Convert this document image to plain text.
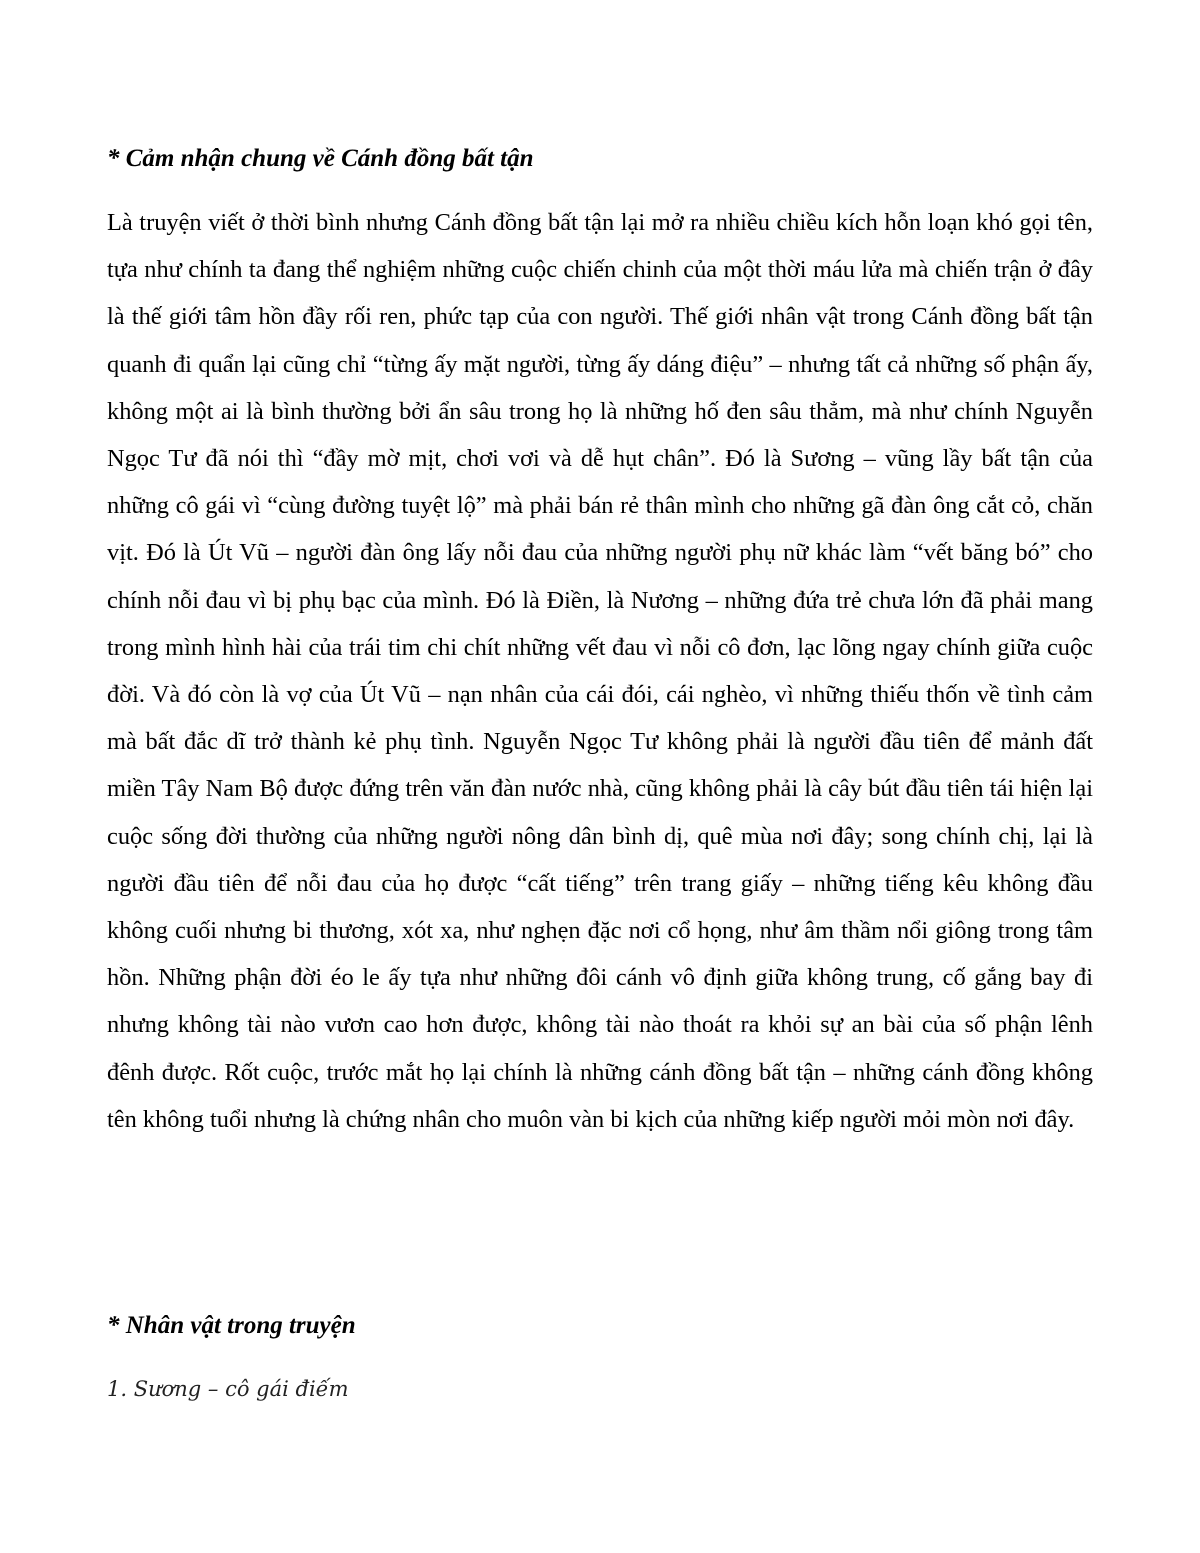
* Cảm nhận chung về Cánh đồng bất tận

Là truyện viết ở thời bình nhưng Cánh đồng bất tận lại mở ra nhiều chiều kích hỗn loạn khó gọi tên, tựa như chính ta đang thể nghiệm những cuộc chiến chinh của một thời máu lửa mà chiến trận ở đây là thế giới tâm hồn đầy rối ren, phức tạp của con người. Thế giới nhân vật trong Cánh đồng bất tận quanh đi quẩn lại cũng chỉ “từng ấy mặt người, từng ấy dáng điệu” – nhưng tất cả những số phận ấy, không một ai là bình thường bởi ẩn sâu trong họ là những hố đen sâu thẳm, mà như chính Nguyễn Ngọc Tư đã nói thì “đầy mờ mịt, chơi vơi và dễ hụt chân”. Đó là Sương – vũng lầy bất tận của những cô gái vì “cùng đường tuyệt lộ” mà phải bán rẻ thân mình cho những gã đàn ông cắt cỏ, chăn vịt. Đó là Út Vũ – người đàn ông lấy nỗi đau của những người phụ nữ khác làm “vết băng bó” cho chính nỗi đau vì bị phụ bạc của mình. Đó là Điền, là Nương – những đứa trẻ chưa lớn đã phải mang trong mình hình hài của trái tim chi chít những vết đau vì nỗi cô đơn, lạc lõng ngay chính giữa cuộc đời. Và đó còn là vợ của Út Vũ – nạn nhân của cái đói, cái nghèo, vì những thiếu thốn về tình cảm mà bất đắc dĩ trở thành kẻ phụ tình. Nguyễn Ngọc Tư không phải là người đầu tiên để mảnh đất miền Tây Nam Bộ được đứng trên văn đàn nước nhà, cũng không phải là cây bút đầu tiên tái hiện lại cuộc sống đời thường của những người nông dân bình dị, quê mùa nơi đây; song chính chị, lại là người đầu tiên để nỗi đau của họ được “cất tiếng” trên trang giấy – những tiếng kêu không đầu không cuối nhưng bi thương, xót xa, như nghẹn đặc nơi cổ họng, như âm thầm nổi giông trong tâm hồn. Những phận đời éo le ấy tựa như những đôi cánh vô định giữa không trung, cố gắng bay đi nhưng không tài nào vươn cao hơn được, không tài nào thoát ra khỏi sự an bài của số phận lênh đênh được. Rốt cuộc, trước mắt họ lại chính là những cánh đồng bất tận – những cánh đồng không tên không tuổi nhưng là chứng nhân cho muôn vàn bi kịch của những kiếp người mỏi mòn nơi đây.

* Nhân vật trong truyện
1. Sương – cô gái điếm
